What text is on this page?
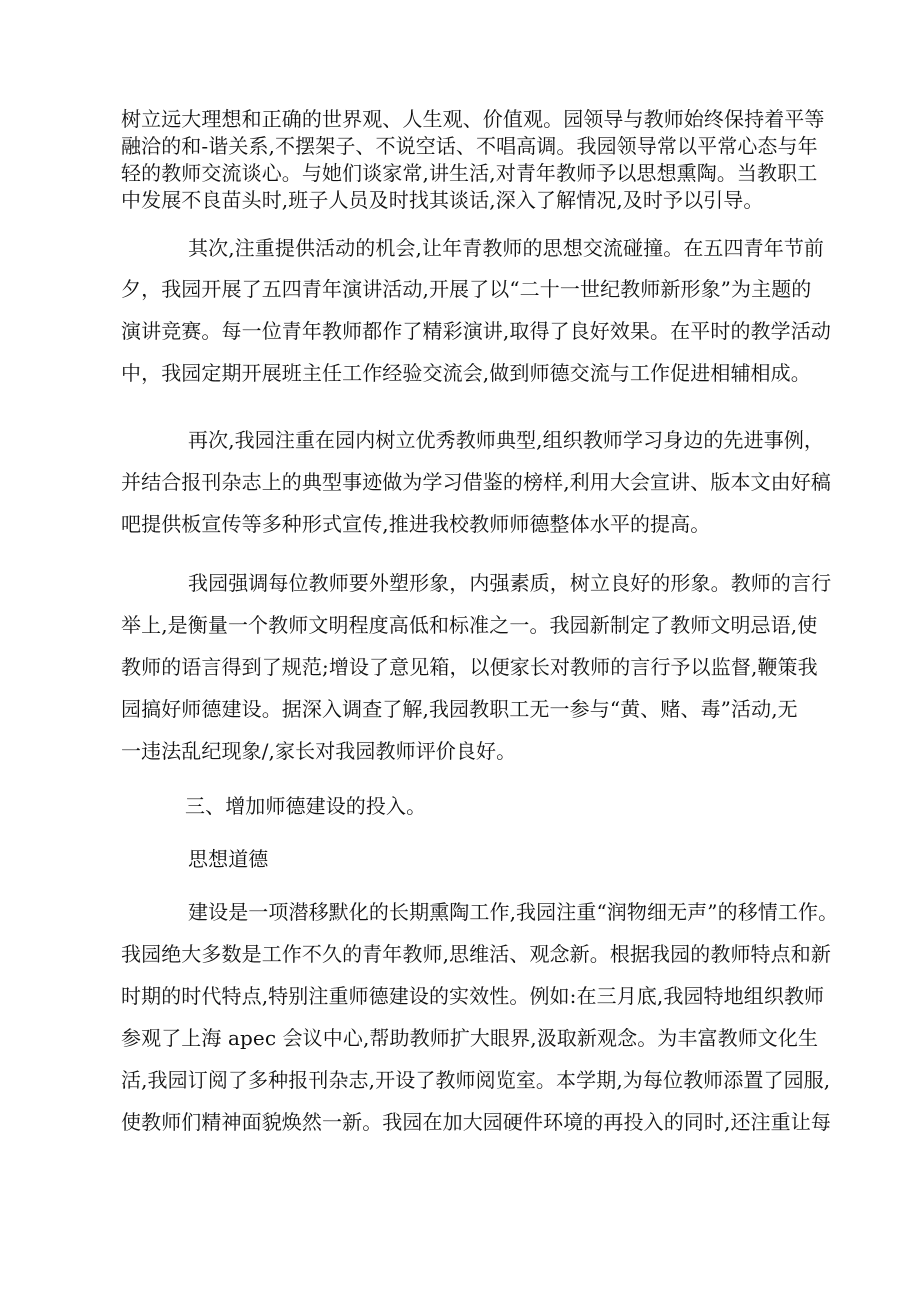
树立远大理想和正确的世界观、人生观、价值观。园领导与教师始终保持着平等
融洽的和-谐关系,不摆架子、不说空话、不唱高调。我园领导常以平常心态与年
轻的教师交流谈心。与她们谈家常,讲生活,对青年教师予以思想熏陶。当教职工
中发展不良苗头时,班子人员及时找其谈话,深入了解情况,及时予以引导。
其次,注重提供活动的机会,让年青教师的思想交流碰撞。在五四青年节前
夕，我园开展了五四青年演讲活动,开展了以“二十一世纪教师新形象”为主题的
演讲竞赛。每一位青年教师都作了精彩演讲,取得了良好效果。在平时的教学活动
中，我园定期开展班主任工作经验交流会,做到师德交流与工作促进相辅相成。
再次,我园注重在园内树立优秀教师典型,组织教师学习身边的先进事例，
并结合报刊杂志上的典型事迹做为学习借鉴的榜样,利用大会宣讲、版本文由好稿
吧提供板宣传等多种形式宣传,推进我校教师师德整体水平的提高。
我园强调每位教师要外塑形象，内强素质，树立良好的形象。教师的言行
举上,是衡量一个教师文明程度高低和标准之一。我园新制定了教师文明忌语,使
教师的语言得到了规范;增设了意见箱，以便家长对教师的言行予以监督,鞭策我
园搞好师德建设。据深入调查了解,我园教职工无一参与“黄、赌、毒”活动,无
一违法乱纪现象/,家长对我园教师评价良好。
三、增加师德建设的投入。
思想道德
建设是一项潜移默化的长期熏陶工作,我园注重“润物细无声”的移情工作。
我园绝大多数是工作不久的青年教师,思维活、观念新。根据我园的教师特点和新
时期的时代特点,特别注重师德建设的实效性。例如:在三月底,我园特地组织教师
参观了上海 apec 会议中心,帮助教师扩大眼界,汲取新观念。为丰富教师文化生
活,我园订阅了多种报刊杂志,开设了教师阅览室。本学期,为每位教师添置了园服,
使教师们精神面貌焕然一新。我园在加大园硬件环境的再投入的同时,还注重让每
